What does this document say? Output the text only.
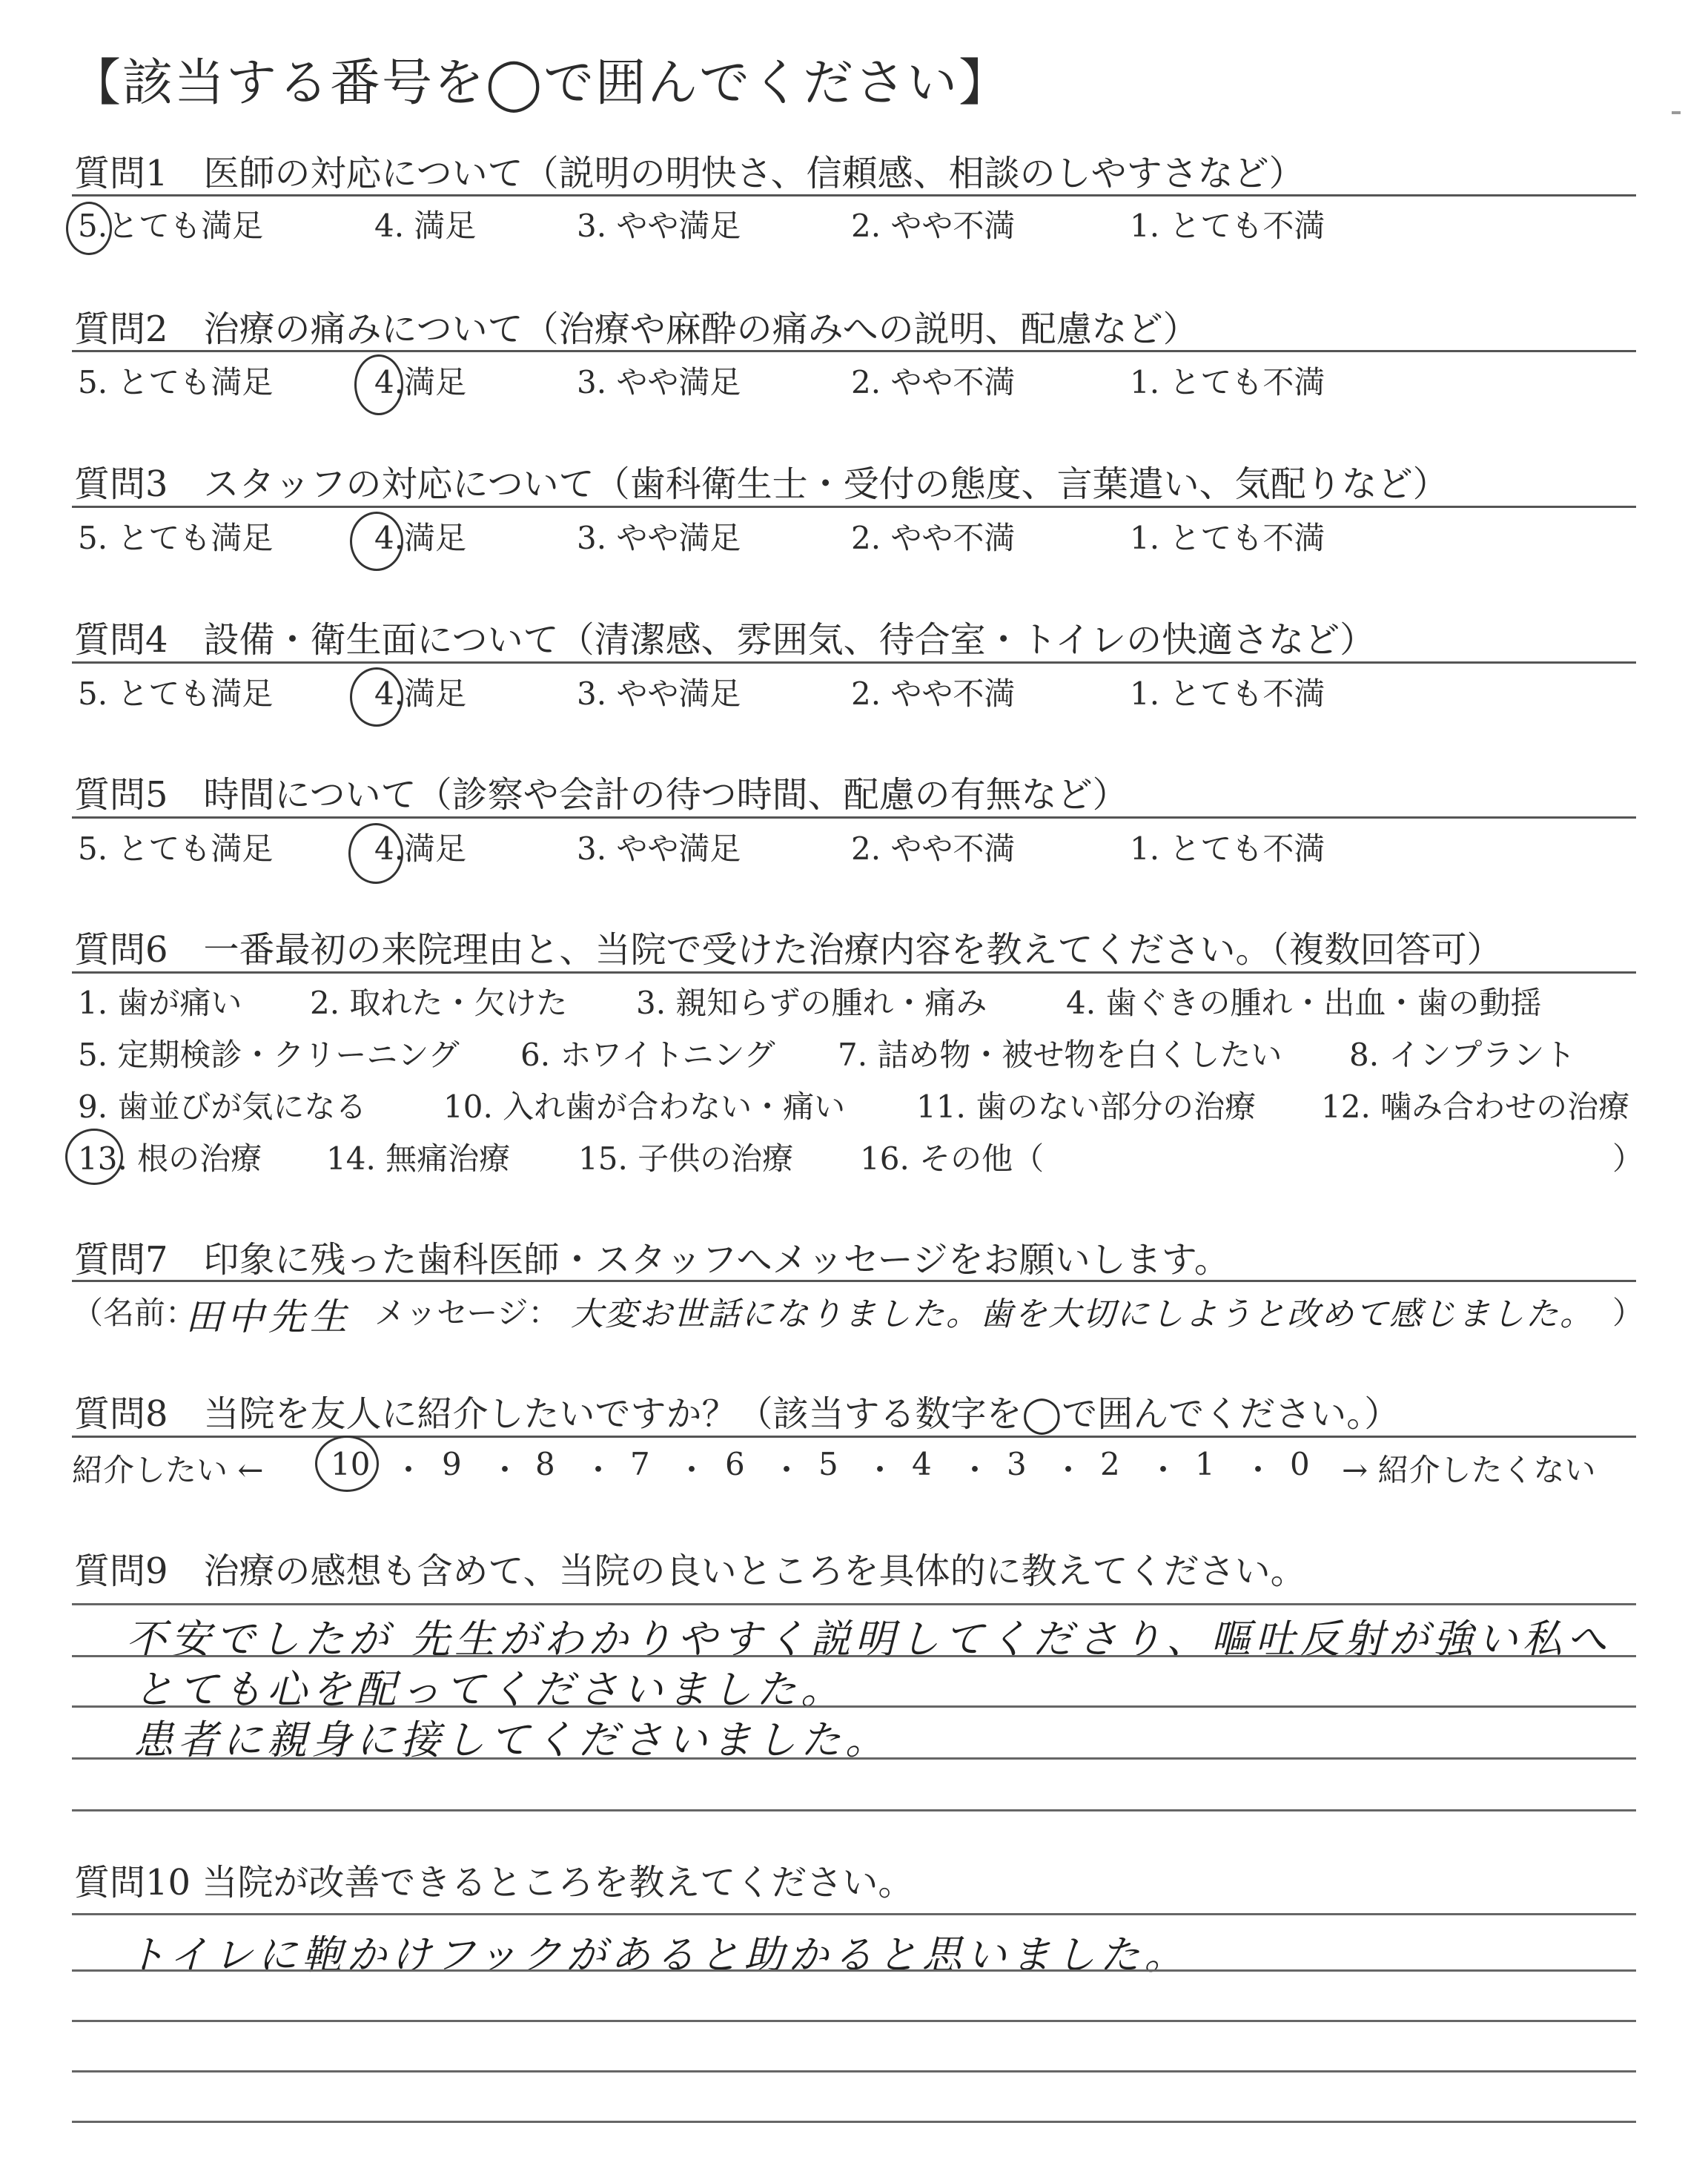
【該当する番号を◯で囲んでください】
質問1　医師の対応について（説明の明快さ、信頼感、相談のしやすさなど）
5.とても満足	4. 満足	3. やや満足	2. やや不満	1. とても不満
質問2　治療の痛みについて（治療や麻酔の痛みへの説明、配慮など）
5. とても満足	4.満足	3. やや満足	2. やや不満	1. とても不満
質問3　スタッフの対応について（歯科衛生士・受付の態度、言葉遣い、気配りなど）
5. とても満足	4.満足	3. やや満足	2. やや不満	1. とても不満
質問4　設備・衛生面について（清潔感、雰囲気、待合室・トイレの快適さなど）
5. とても満足	4.満足	3. やや満足	2. やや不満	1. とても不満
質問5　時間について（診察や会計の待つ時間、配慮の有無など）
5. とても満足	4.満足	3. やや満足	2. やや不満	1. とても不満
質問6　一番最初の来院理由と、当院で受けた治療内容を教えてください。（複数回答可）
1. 歯が痛い 2. 取れた・欠けた 3. 親知らずの腫れ・痛み	4. 歯ぐきの腫れ・出血・歯の動揺
5. 定期検診・クリーニング 6. ホワイトニング 7. 詰め物・被せ物を白くしたい 8. インプラント
9. 歯並びが気になる 10. 入れ歯が合わない・痛い 11. 歯のない部分の治療 12. 噛み合わせの治療
13. 根の治療 14. 無痛治療 15. 子供の治療 16. その他（	）
質問7　印象に残った歯科医師・スタッフへメッセージをお願いします。
（名前：
田中先生 メッセージ： 大変お世話になりました。歯を大切にしようと改めて感じました。 ）
質問8　当院を友人に紹介したいですか？（該当する数字を◯で囲んでください。）
紹介したい ← 10 ・ 9 ・ 8 ・ 7 ・ 6 ・ 5 ・ 4 ・ 3 ・ 2 ・ 1 ・ 0 → 紹介したくない
質問9　治療の感想も含めて、当院の良いところを具体的に教えてください。
不安でしたが 先生がわかりやすく説明してくださり、嘔吐反射が強い私へ
とても心を配ってくださいました。
患者に親身に接してくださいました。
質問10 当院が改善できるところを教えてください。
トイレに鞄かけフックがあると助かると思いました。
